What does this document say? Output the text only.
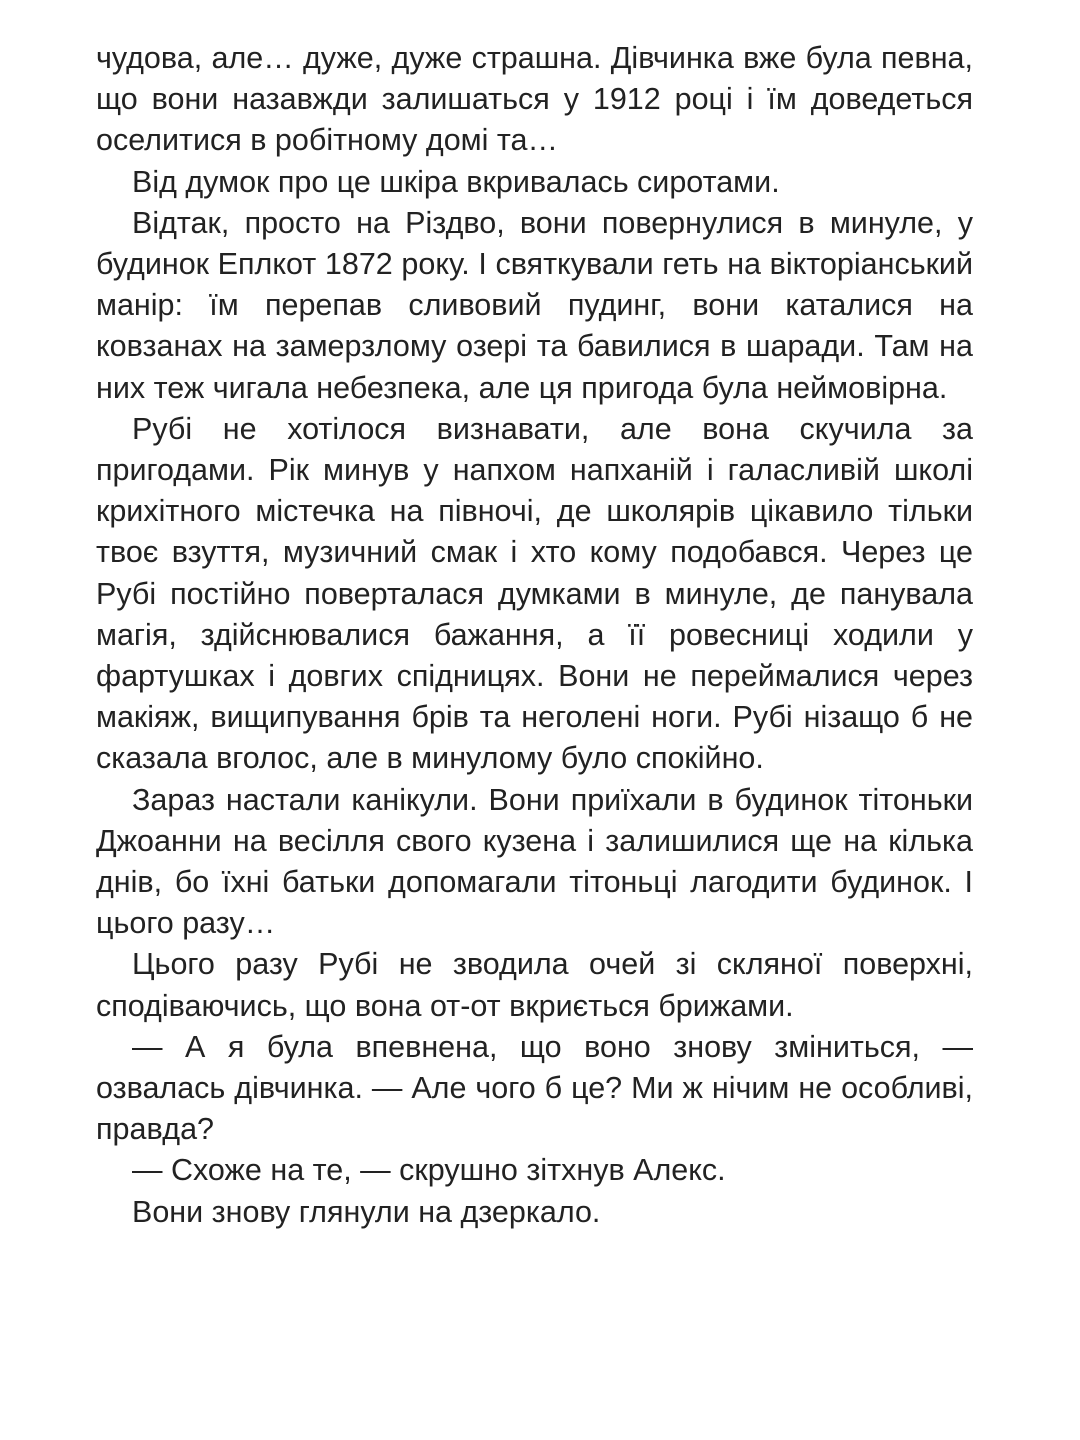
чудова, але… дуже, дуже страшна. Дівчинка вже була певна, що вони назавжди залишаться у 1912 році і їм доведеться оселитися в робітному домі та…

Від думок про це шкіра вкривалась сиротами.

Відтак, просто на Різдво, вони повернулися в минуле, у будинок Еплкот 1872 року. І святкували геть на вікторіанський манір: їм перепав сливовий пудинг, вони каталися на ковзанах на замерзлому озері та бавилися в шаради. Там на них теж чигала небезпека, але ця пригода була неймовірна.

Рубі не хотілося визнавати, але вона скучила за пригодами. Рік минув у напхом напханій і галасливій школі крихітного містечка на півночі, де школярів цікавило тільки твоє взуття, музичний смак і хто кому подобався. Через це Рубі постійно поверталася думками в минуле, де панувала магія, здійснювалися бажання, а її ровесниці ходили у фартушках і довгих спідницях. Вони не переймалися через макіяж, вищипування брів та неголені ноги. Рубі нізащо б не сказала вголос, але в минулому було спокійно.

Зараз настали канікули. Вони приїхали в будинок тітоньки Джоанни на весілля свого кузена і залишилися ще на кілька днів, бо їхні батьки допомагали тітоньці лагодити будинок. І цього разу…

Цього разу Рубі не зводила очей зі скляної поверхні, сподіваючись, що вона от-от вкриється брижами.

— А я була впевнена, що воно знову зміниться, — озвалась дівчинка. — Але чого б це? Ми ж нічим не особливі, правда?

— Схоже на те, — скрушно зітхнув Алекс.

Вони знову глянули на дзеркало.
